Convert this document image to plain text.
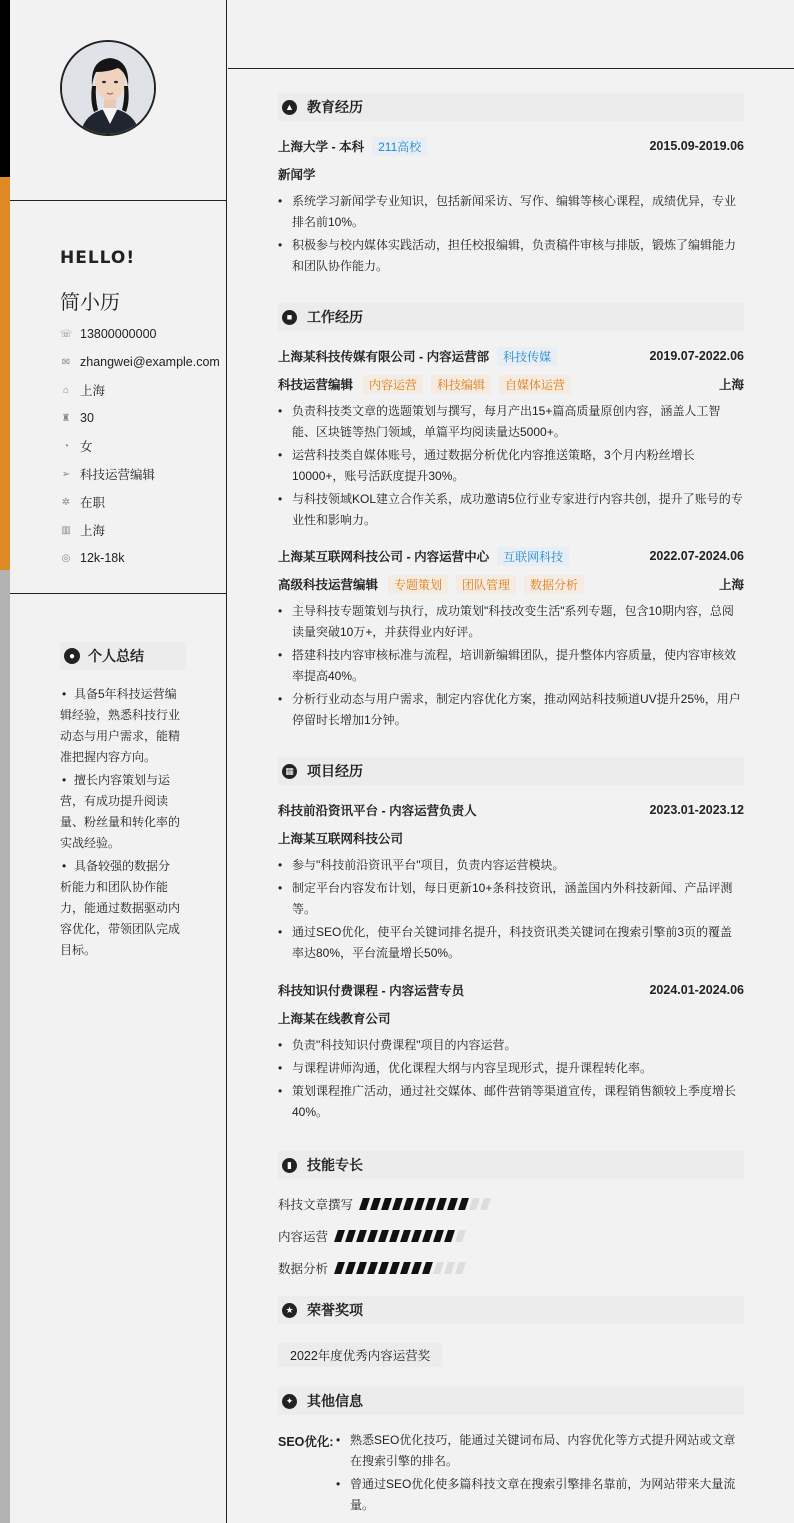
HELLO!
简小历
☏ 13800000000
✉ zhangwei@example.com
⌂ 上海
♜ 30
◔ 女
➢ 科技运营编辑
✲ 在职
▥ 上海
◎ 12k-18k
● 个人总结
• 具备5年科技运营编辑经验，熟悉科技行业动态与用户需求，能精准把握内容方向。
• 擅长内容策划与运营，有成功提升阅读量、粉丝量和转化率的实战经验。
• 具备较强的数据分析能力和团队协作能力，能通过数据驱动内容优化，带领团队完成目标。
▲ 教育经历
上海大学 - 本科	211高校	2015.09-2019.06
新闻学
• 系统学习新闻学专业知识，包括新闻采访、写作、编辑等核心课程，成绩优异，专业排名前10%。
• 积极参与校内媒体实践活动，担任校报编辑，负责稿件审核与排版，锻炼了编辑能力和团队协作能力。
■	工作经历
上海某科技传媒有限公司 - 内容运营部	科技传媒	2019.07-2022.06
科技运营编辑	内容运营	科技编辑	自媒体运营	上海
• 负责科技类文章的选题策划与撰写，每月产出15+篇高质量原创内容，涵盖人工智能、区块链等热门领域，单篇平均阅读量达5000+。
• 运营科技类自媒体账号，通过数据分析优化内容推送策略，3个月内粉丝增长10000+，账号活跃度提升30%。
• 与科技领域KOL建立合作关系，成功邀请5位行业专家进行内容共创，提升了账号的专业性和影响力。
上海某互联网科技公司 - 内容运营中心	互联网科技	2022.07-2024.06
高级科技运营编辑	专题策划	团队管理	数据分析	上海
• 主导科技专题策划与执行，成功策划"科技改变生活"系列专题，包含10期内容，总阅读量突破10万+，并获得业内好评。
• 搭建科技内容审核标准与流程，培训新编辑团队，提升整体内容质量，使内容审核效率提高40%。
• 分析行业动态与用户需求，制定内容优化方案，推动网站科技频道UV提升25%，用户停留时长增加1分钟。
▦ 项目经历
科技前沿资讯平台 - 内容运营负责人	2023.01-2023.12
上海某互联网科技公司
• 参与"科技前沿资讯平台"项目，负责内容运营模块。
• 制定平台内容发布计划，每日更新10+条科技资讯，涵盖国内外科技新闻、产品评测等。
• 通过SEO优化，使平台关键词排名提升，科技资讯类关键词在搜索引擎前3页的覆盖率达80%，平台流量增长50%。
科技知识付费课程 - 内容运营专员	2024.01-2024.06
上海某在线教育公司
• 负责"科技知识付费课程"项目的内容运营。
• 与课程讲师沟通，优化课程大纲与内容呈现形式，提升课程转化率。
• 策划课程推广活动，通过社交媒体、邮件营销等渠道宣传，课程销售额较上季度增长40%。
▮	技能专长
科技文章撰写
内容运营
数据分析
★ 荣誉奖项
2022年度优秀内容运营奖
✦ 其他信息
SEO优化: • 熟悉SEO优化技巧，能通过关键词布局、内容优化等方式提升网站或文章在搜索引擎的排名。
• 曾通过SEO优化使多篇科技文章在搜索引擎排名靠前，为网站带来大量流量。
